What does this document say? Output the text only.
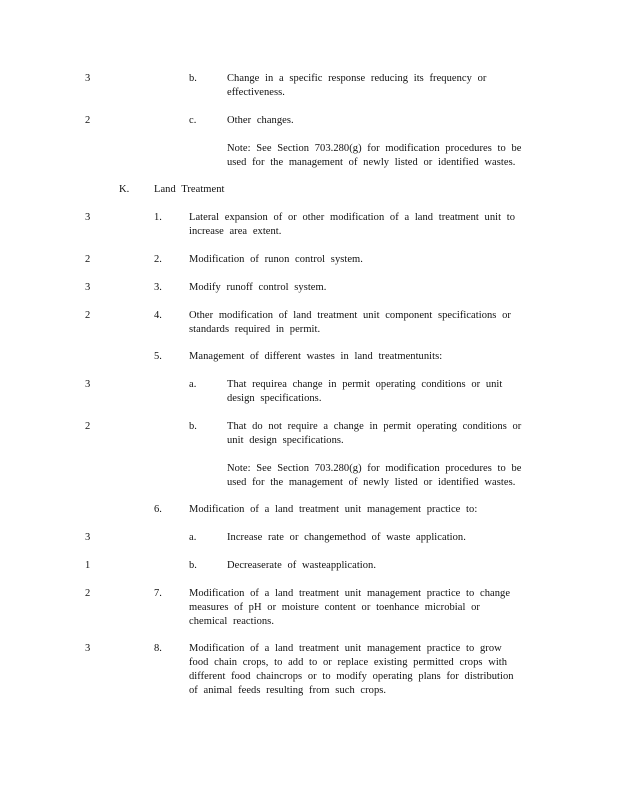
3	b.	Change in a specific response reducing its frequency or
effectiveness.
2	c.	Other changes.
Note: See Section 703.280(g) for modification procedures to be
used for the management of newly listed or identified wastes.
K. Land Treatment
3	1.	Lateral expansion of or other modification of a land treatment unit to
increase area extent.
2	2.	Modification of runon control system.
3	3.	Modify runoff control system.
2	4.	Other modification of land treatment unit component specifications or
standards required in permit.
5.	Management of different wastes in land treatmentunits:
3	a.	That requirea change in permit operating conditions or unit
design specifications.
2	b.	That do not require a change in permit operating conditions or
unit design specifications.
Note: See Section 703.280(g) for modification procedures to be
used for the management of newly listed or identified wastes.
6.	Modification of a land treatment unit management practice to:
3	a.	Increase rate or changemethod of waste application.
1	b.	Decreaserate of wasteapplication.
2	7.	Modification of a land treatment unit management practice to change
measures of pH or moisture content or toenhance microbial or
chemical reactions.
3	8.	Modification of a land treatment unit management practice to grow
food chain crops, to add to or replace existing permitted crops with
different food chaincrops or to modify operating plans for distribution
of animal feeds resulting from such crops.
